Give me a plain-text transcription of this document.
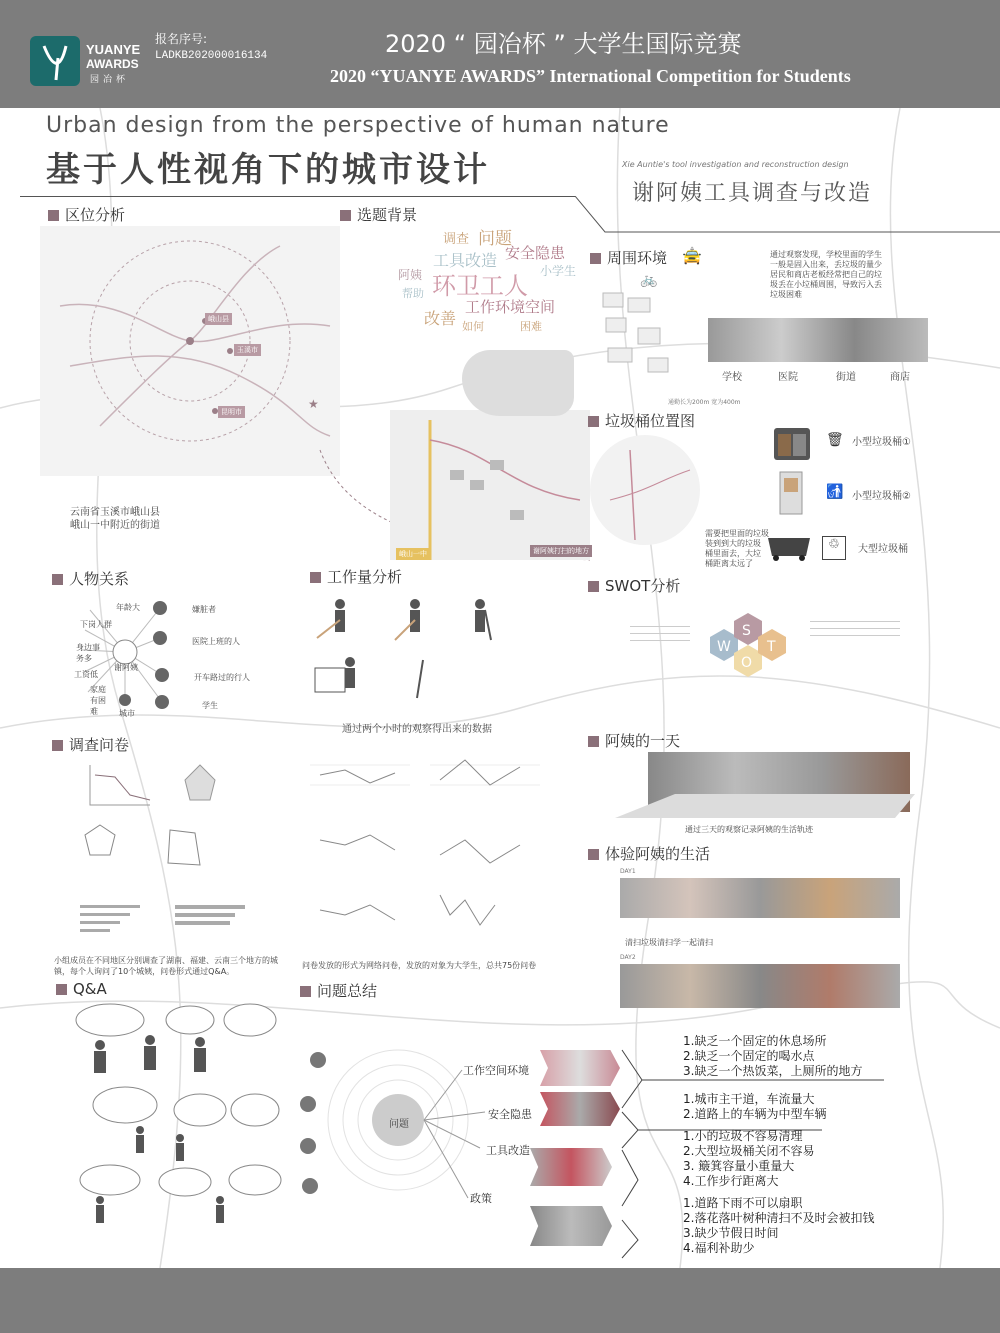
YUANYE
AWARDS
园冶杯
报名序号:
LADKB202000016134	2020 “ 园冶杯 ” 大学生国际竞赛
2020 “YUANYE AWARDS” International Competition for Students
Urban design from the perspective of human nature
基于人性视角下的城市设计	Xie Auntie's tool investigation and reconstruction design
谢阿姨工具调查与改造
区位分析
峨山县
玉溪市
昆明市
云南省玉溪市峨山县
峨山一中附近的街道
★
峨山一中	谢阿姨打扫的地方
选题背景
调查 问题
工具改造 安全隐患
阿姨 环卫工人
小学生
帮助
工作环境空间
改善 如何	困难
周围环境 🚖
🚲
通过观察发现，学校里面的学生
一般是固入出来，丢垃圾的量少
居民和商店老板经常把自己的垃
圾丢在小垃桶周围，导致污入丢
垃圾困难
学校	医院	街道	商店
通勤长为200m 宽为400m
垃圾桶位置图
🗑 小型垃圾桶①
🚮 小型垃圾桶②
♲	大型垃圾桶
需要把里面的垃圾
装到到大的垃圾
桶里面去，大垃
桶距离太远了
人物关系
谢阿姨
年龄大
下岗人群
身边事务多
工资低
家庭有困难	城市
嫌脏者
医院上班的人
开车路过的行人
学生
工作量分析
通过两个小时的观察得出来的数据
SWOT分析
W
S
O
T
调查问卷
小组成员在不同地区分别调查了湖南、福建、云南三个地方的城镇，每个人询问了10个城姨，问卷形式通过Q&A。
问卷发放的形式为网络问卷，发放的对象为大学生，总共75份问卷
阿姨的一天
通过三天的观察记录阿姨的生活轨迹
体验阿姨的生活
DAY1
清扫垃圾清扫学一起清扫
DAY2
Q&A	问题总结
问题
工作空间环境
安全隐患
工具改造
政策
1.缺乏一个固定的休息场所
2.缺乏一个固定的喝水点
3.缺乏一个热饭菜，上厕所的地方
1.城市主干道，车流量大
2.道路上的车辆为中型车辆
1.小的垃圾不容易清理
2.大型垃圾桶关闭不容易
3. 簸箕容量小重量大
4.工作步行距离大
1.道路下雨不可以扇职
2.落花落叶树种清扫不及时会被扣钱
3.缺少节假日时间
4.福利补助少
